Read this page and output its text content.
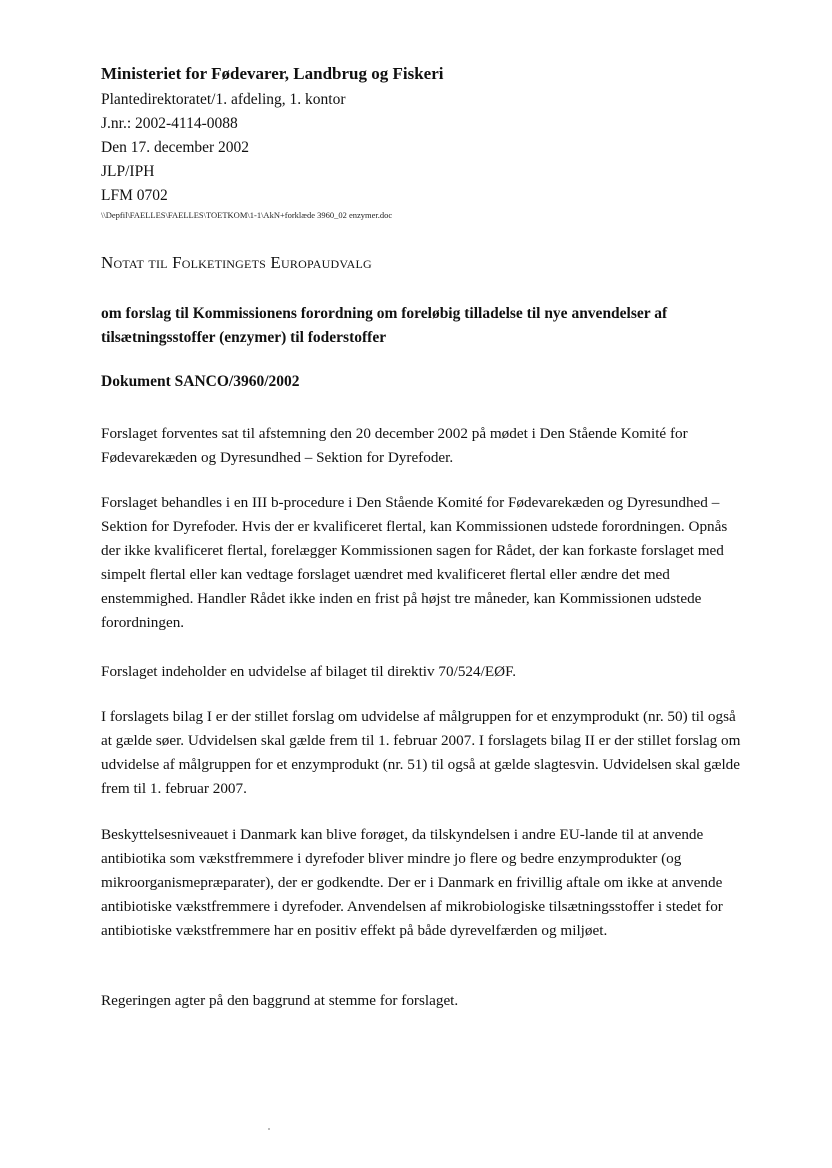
Ministeriet for Fødevarer, Landbrug og Fiskeri

Plantedirektoratet/1. afdeling, 1. kontor

J.nr.: 2002-4114-0088

Den 17. december 2002

JLP/IPH

LFM 0702

\\Depfil\FAELLES\FAELLES\TOETKOM\1-1\AkN+forklæde 3960_02 enzymer.doc

Notat til Folketingets Europaudvalg

om forslag til Kommissionens forordning om foreløbig tilladelse til nye anvendelser af tilsætningsstoffer (enzymer) til foderstoffer

Dokument SANCO/3960/2002

Forslaget forventes sat til afstemning den 20 december 2002 på mødet i Den Stående Komité for Fødevarekæden og Dyresundhed – Sektion for Dyrefoder.

Forslaget behandles i en III b-procedure i Den Stående Komité for Fødevarekæden og Dyresundhed – Sektion for Dyrefoder. Hvis der er kvalificeret flertal, kan Kommissionen udstede forordningen. Opnås der ikke kvalificeret flertal, forelægger Kommissionen sagen for Rådet, der kan forkaste forslaget med simpelt flertal eller kan vedtage forslaget uændret med kvalificeret flertal eller ændre det med enstemmighed. Handler Rådet ikke inden en frist på højst tre måneder, kan Kommissionen udstede forordningen.

Forslaget indeholder en udvidelse af bilaget til direktiv 70/524/EØF.

I forslagets bilag I er der stillet forslag om udvidelse af målgruppen for et enzymprodukt (nr. 50) til også at gælde søer. Udvidelsen skal gælde frem til 1. februar 2007. I forslagets bilag II er der stillet forslag om udvidelse af målgruppen for et enzymprodukt (nr. 51) til også at gælde slagtesvin. Udvidelsen skal gælde frem til 1. februar 2007.

Beskyttelsesniveauet i Danmark kan blive forøget, da tilskyndelsen i andre EU-lande til at anvende antibiotika som vækstfremmere i dyrefoder bliver mindre jo flere og bedre enzymprodukter (og mikroorganismepræparater), der er godkendte. Der er i Danmark en frivillig aftale om ikke at anvende antibiotiske vækstfremmere i dyrefoder. Anvendelsen af mikrobiologiske tilsætningsstoffer i stedet for antibiotiske vækstfremmere har en positiv effekt på både dyrevelfærden og miljøet.

Regeringen agter på den baggrund at stemme for forslaget.
